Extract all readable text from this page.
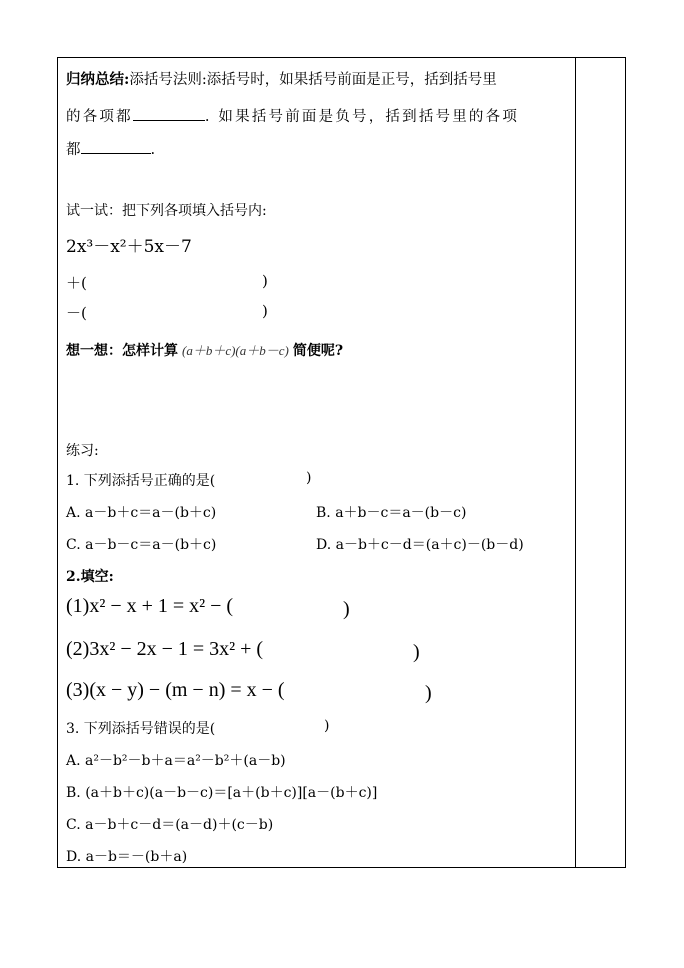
归纳总结:添括号法则:添括号时，如果括号前面是正号，括到括号里
的各项都	. 如果括号前面是负号，括到括号里的各项
都	.
试一试：把下列各项填入括号内:
2x³－x²＋5x－7
＋(	)
－(	)
想一想：怎样计算 (a＋b＋c)(a＋b－c) 简便呢?
练习:
1. 下列添括号正确的是(	)
A. a－b＋c＝a－(b＋c)	B. a＋b－c＝a－(b－c)
C. a－b－c＝a－(b＋c)	D. a－b＋c－d＝(a＋c)－(b－d)
2.填空:
(1)x² − x + 1 = x² − (	)
(2)3x² − 2x − 1 = 3x² + (	)
(3)(x − y) − (m − n) = x − (	)
3. 下列添括号错误的是(	)
A. a²－b²－b＋a＝a²－b²＋(a－b)
B. (a＋b＋c)(a－b－c)＝[a＋(b＋c)][a－(b＋c)]
C. a－b＋c－d＝(a－d)＋(c－b)
D. a－b＝－(b＋a)
